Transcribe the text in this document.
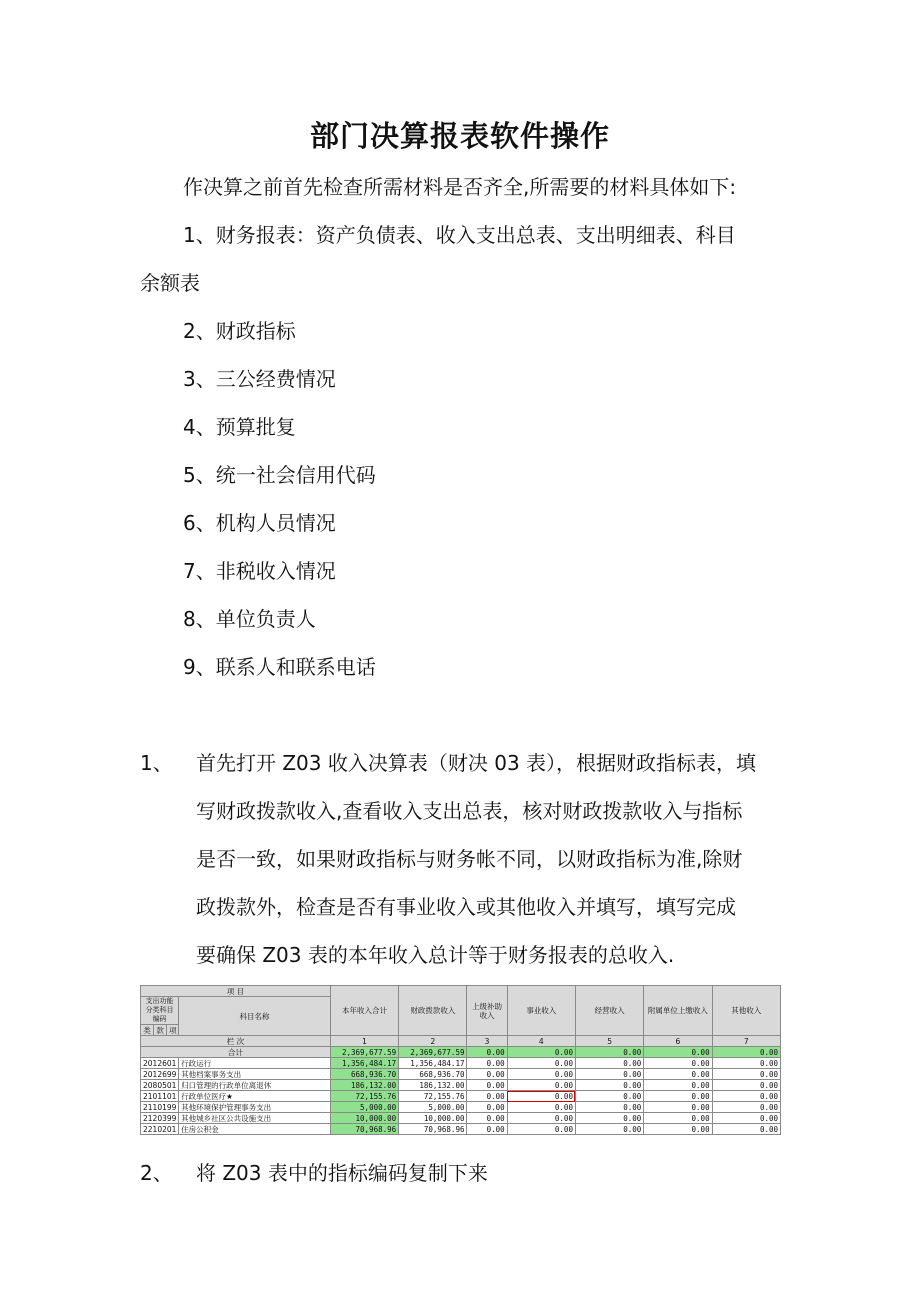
部门决算报表软件操作
作决算之前首先检查所需材料是否齐全,所需要的材料具体如下:
1、财务报表：资产负债表、收入支出总表、支出明细表、科目
余额表
2、财政指标
3、三公经费情况
4、预算批复
5、统一社会信用代码
6、机构人员情况
7、非税收入情况
8、单位负责人
9、联系人和联系电话
1、 首先打开 Z03 收入决算表（财决 03 表），根据财政指标表，填
写财政拨款收入,查看收入支出总表，核对财政拨款收入与指标
是否一致，如果财政指标与财务帐不同，以财政指标为准,除财
政拨款外，检查是否有事业收入或其他收入并填写，填写完成
要确保 Z03 表的本年收入总计等于财务报表的总收入.
项 目				本年收入合计	财政拨款收入	上级补助收入	事业收入	经营收入	附属单位上缴收入	其他收入
支出功能分类科目编码			科目名称							
类	款	项								
栏 次				1	2	3	4	5	6	7
合计				2,369,677.59	2,369,677.59	0.00	0.00	0.00	0.00	0.00
2012601			行政运行	1,356,484.17	1,356,484.17	0.00	0.00	0.00	0.00	0.00
2012699			其他档案事务支出	668,936.70	668,936.70	0.00	0.00	0.00	0.00	0.00
2080501			归口管理的行政单位离退休	186,132.00	186,132.00	0.00	0.00	0.00	0.00	0.00
2101101			行政单位医疗★	72,155.76	72,155.76	0.00	0.00	0.00	0.00	0.00
2110199			其他环境保护管理事务支出	5,000.00	5,000.00	0.00	0.00	0.00	0.00	0.00
2120399			其他城乡社区公共设施支出	10,000.00	10,000.00	0.00	0.00	0.00	0.00	0.00
2210201			住房公积金	70,968.96	70,968.96	0.00	0.00	0.00	0.00	0.00
2、 将 Z03 表中的指标编码复制下来
